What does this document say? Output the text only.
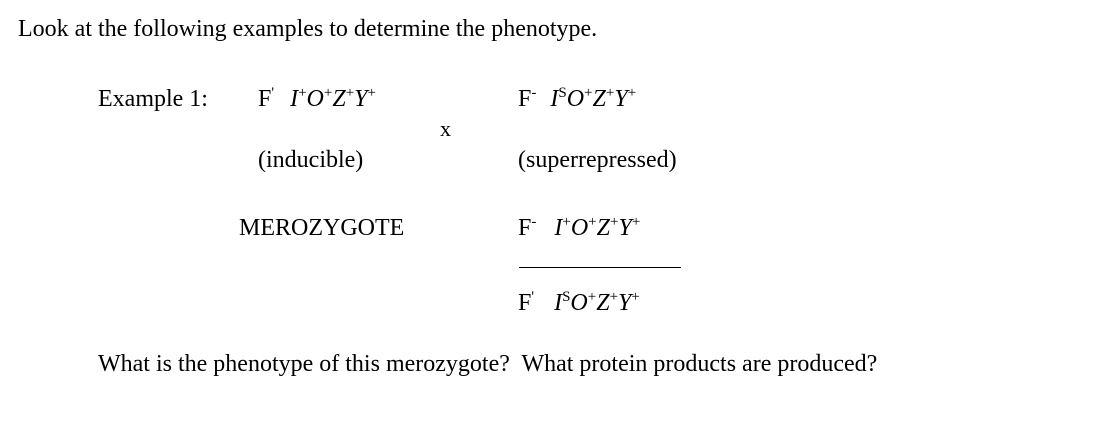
Look at the following examples to determine the phenotype.
Example 1: F' I+O+Z+Y+	F- $I^SO^+Z^+Y^+$
x
(inducible)	(superrepressed)
MEROZYGOTE	F- I+O+Z+Y+
F' $I^SO^+Z^+Y^+$
What is the phenotype of this merozygote?  What protein products are produced?
